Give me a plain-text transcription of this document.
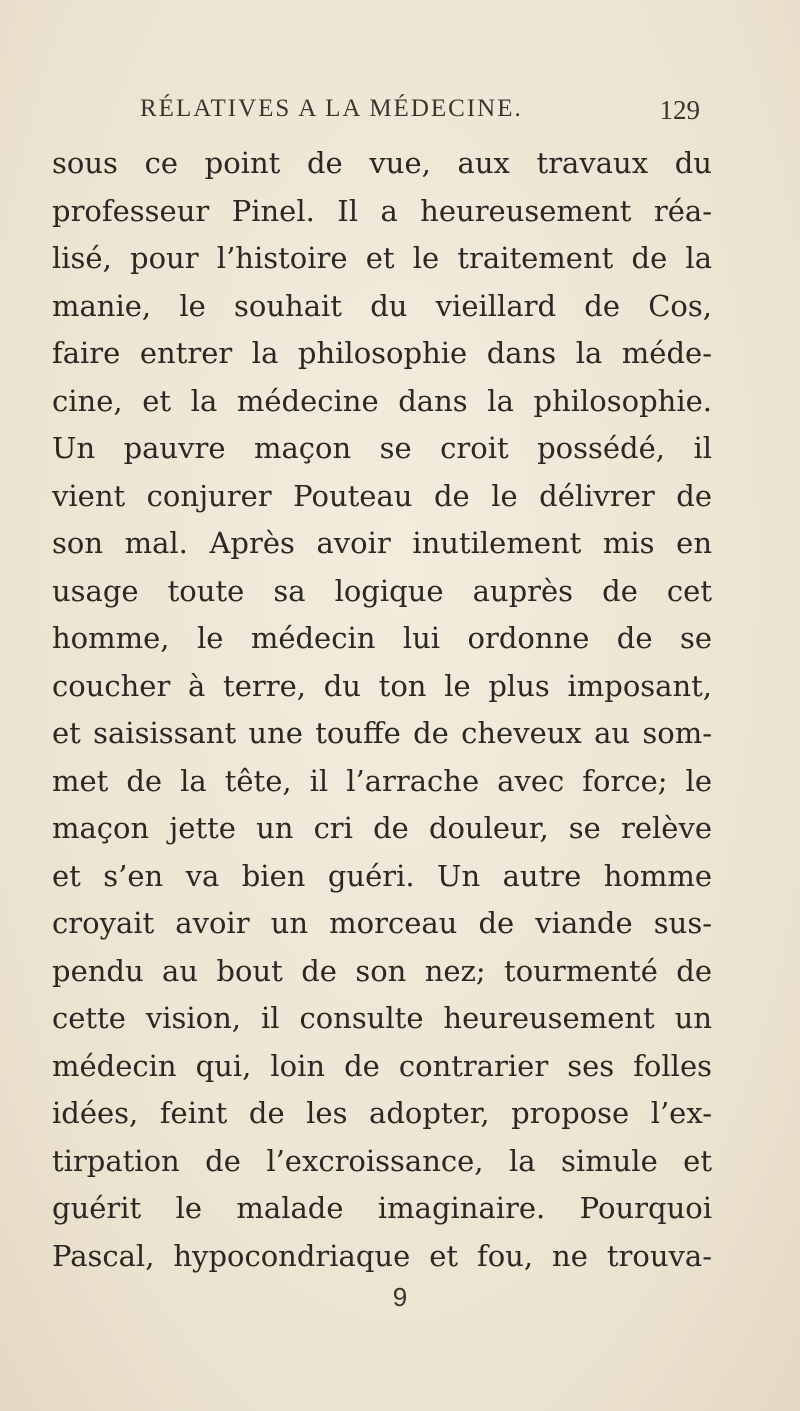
RÉLATIVES A LA MÉDECINE.	129
sous ce point de vue, aux travaux du
professeur Pinel. Il a heureusement réa-
lisé, pour l’histoire et le traitement de la
manie, le souhait du vieillard de Cos,
faire entrer la philosophie dans la méde-
cine, et la médecine dans la philosophie.
Un pauvre maçon se croit possédé, il
vient conjurer Pouteau de le délivrer de
son mal. Après avoir inutilement mis en
usage toute sa logique auprès de cet
homme, le médecin lui ordonne de se
coucher à terre, du ton le plus imposant,
et saisissant une touffe de cheveux au som-
met de la tête, il l’arrache avec force; le
maçon jette un cri de douleur, se relève
et s’en va bien guéri. Un autre homme
croyait avoir un morceau de viande sus-
pendu au bout de son nez; tourmenté de
cette vision, il consulte heureusement un
médecin qui, loin de contrarier ses folles
idées, feint de les adopter, propose l’ex-
tirpation de l’excroissance, la simule et
guérit le malade imaginaire. Pourquoi
Pascal, hypocondriaque et fou, ne trouva-
9
